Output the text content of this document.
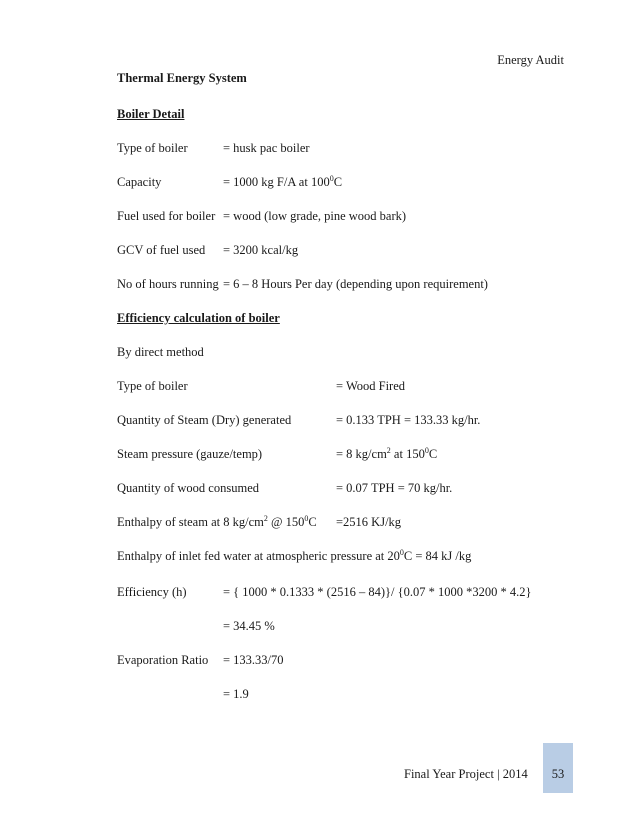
Energy Audit
Thermal Energy System
Boiler Detail
Type of boiler	= husk pac boiler
Capacity	= 1000 kg F/A at $100^0C$
Fuel used for boiler = wood (low grade, pine wood bark)
GCV of fuel used = 3200 kcal/kg
No of hours running = 6 – 8 Hours Per day (depending upon requirement)
Efficiency calculation of boiler
By direct method
Type of boiler	= Wood Fired
Quantity of Steam (Dry) generated	= 0.133 TPH = 133.33 kg/hr.
Steam pressure (gauze/temp)	= 8 $kg/cm^2$ at $150^0C$
Quantity of wood consumed	= 0.07 TPH = 70 kg/hr.
Enthalpy of steam at 8 $kg/cm^2$ @ $150^0C =2516$ KJ/kg
Enthalpy of inlet fed water at atmospheric pressure at $20^0C = 84$ kJ /kg
Efficiency (h)	= { 1000 * 0.1333 * (2516 – 84)}/ {0.07 * 1000 *3200 * 4.2}
= 34.45 %
Evaporation Ratio = 133.33/70
= 1.9
Final Year Project | 2014	53
